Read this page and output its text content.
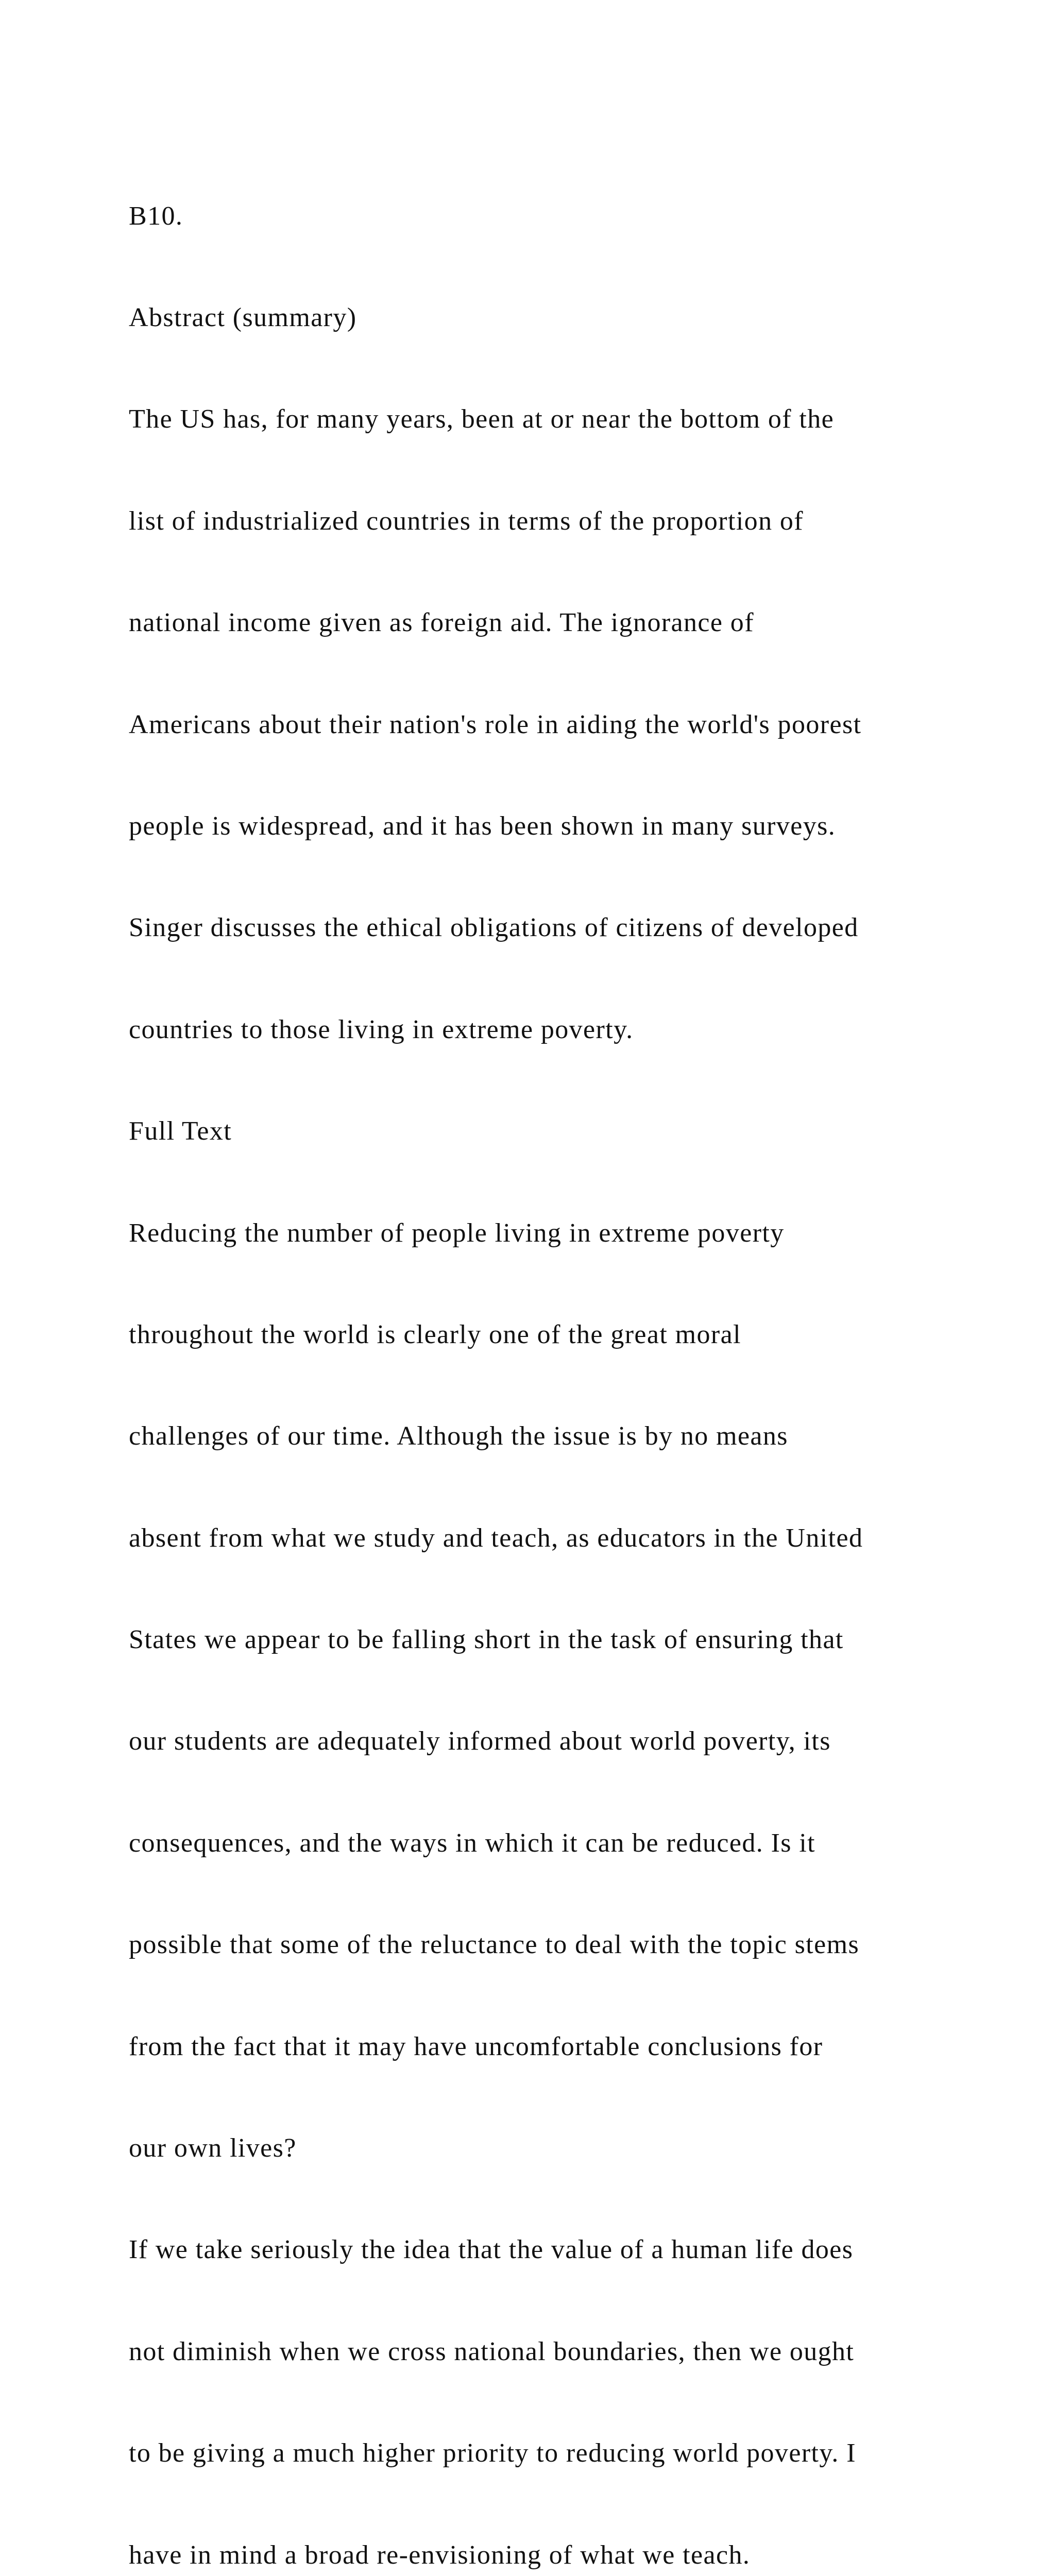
B10.

Abstract (summary)

The US has, for many years, been at or near the bottom of the

list of industrialized countries in terms of the proportion of

national income given as foreign aid. The ignorance of

Americans about their nation's role in aiding the world's poorest

people is widespread, and it has been shown in many surveys.

Singer discusses the ethical obligations of citizens of developed

countries to those living in extreme poverty.

Full Text

Reducing the number of people living in extreme poverty

throughout the world is clearly one of the great moral

challenges of our time. Although the issue is by no means

absent from what we study and teach, as educators in the United

States we appear to be falling short in the task of ensuring that

our students are adequately informed about world poverty, its

consequences, and the ways in which it can be reduced. Is it

possible that some of the reluctance to deal with the topic stems

from the fact that it may have uncomfortable conclusions for

our own lives?

If we take seriously the idea that the value of a human life does

not diminish when we cross national boundaries, then we ought

to be giving a much higher priority to reducing world poverty. I

have in mind a broad re-envisioning of what we teach.
